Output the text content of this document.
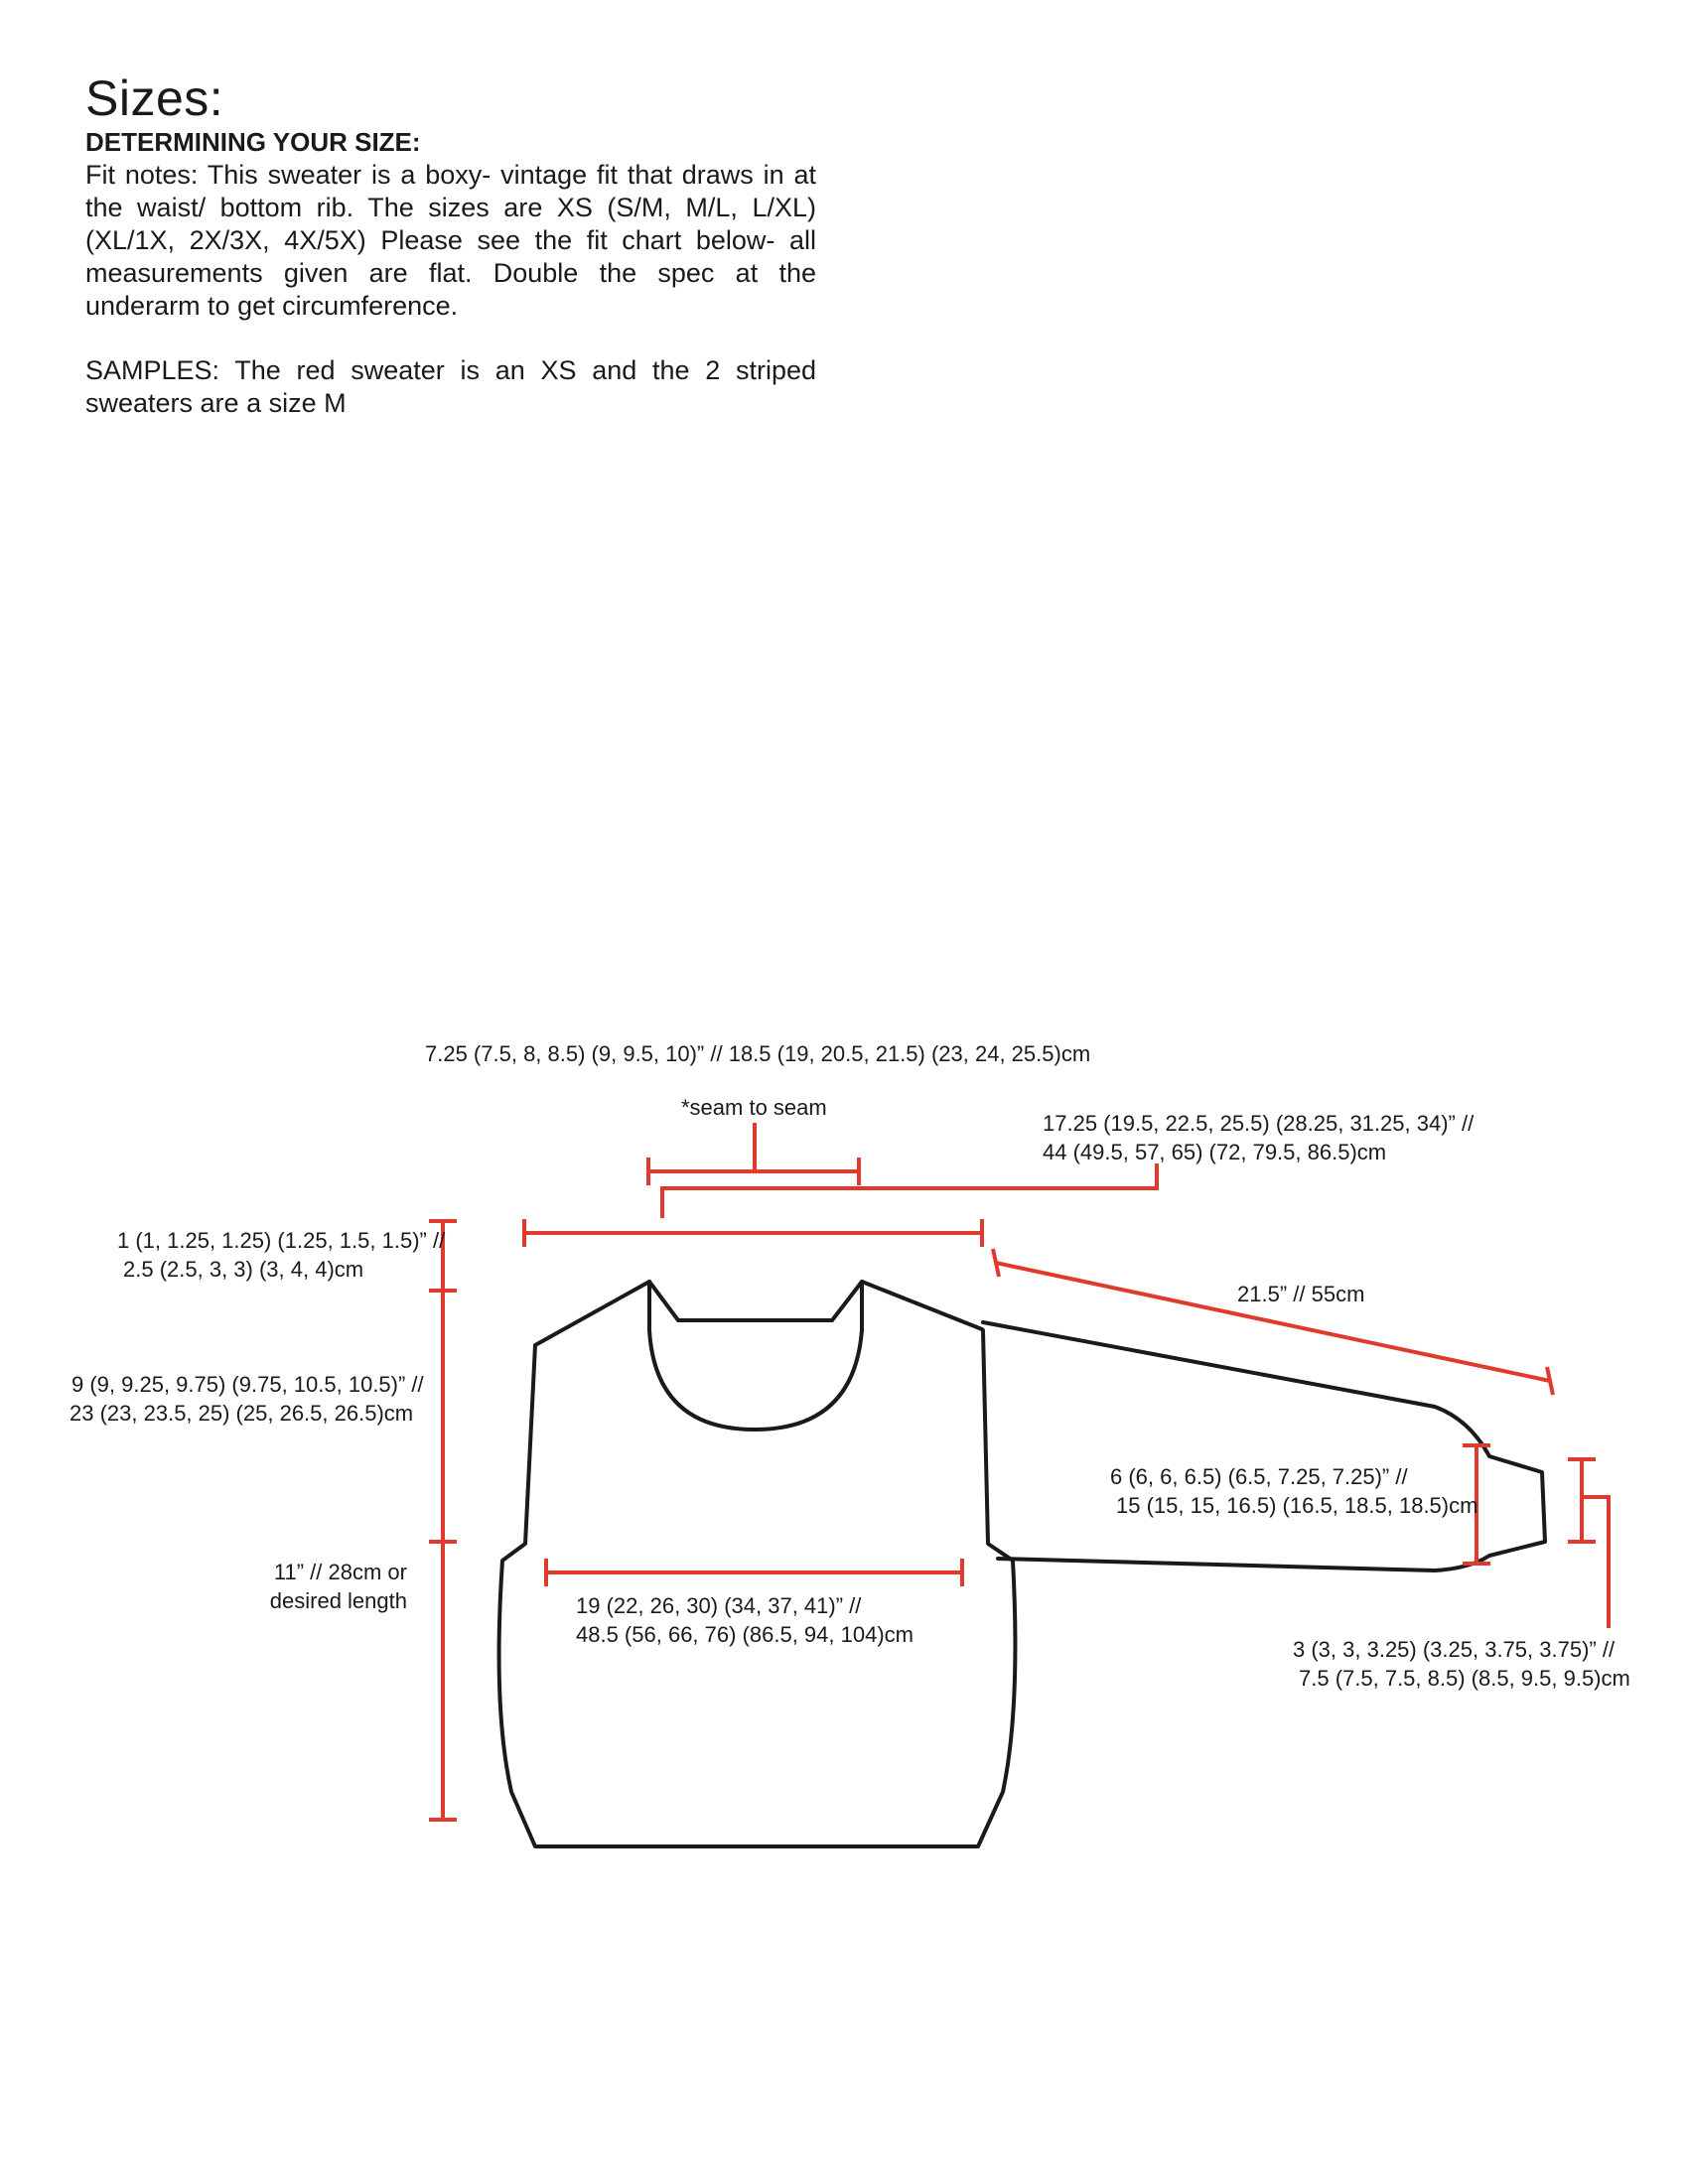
Sizes:
DETERMINING YOUR SIZE:

Fit notes: This sweater is a boxy- vintage fit that draws in at the waist/ bottom rib. The sizes are XS (S/M, M/L, L/XL) (XL/1X, 2X/3X, 4X/5X) Please see the fit chart below- all measurements given are flat. Double the spec at the underarm to get circumference.

SAMPLES: The red sweater is an XS and the 2 striped sweaters are a size M

7.25 (7.5, 8, 8.5) (9, 9.5, 10)” // 18.5 (19, 20.5, 21.5) (23, 24, 25.5)cm
*seam to seam
17.25 (19.5, 22.5, 25.5) (28.25, 31.25, 34)” //
44 (49.5, 57, 65) (72, 79.5, 86.5)cm
1 (1, 1.25, 1.25) (1.25, 1.5, 1.5)” //
2.5 (2.5, 3, 3) (3, 4, 4)cm
21.5” // 55cm
9 (9, 9.25, 9.75) (9.75, 10.5, 10.5)” //
23 (23, 23.5, 25) (25, 26.5, 26.5)cm
6 (6, 6, 6.5) (6.5, 7.25, 7.25)” //
15 (15, 15, 16.5) (16.5, 18.5, 18.5)cm
11” // 28cm or
desired length	19 (22, 26, 30) (34, 37, 41)” //
48.5 (56, 66, 76) (86.5, 94, 104)cm
3 (3, 3, 3.25) (3.25, 3.75, 3.75)” //
7.5 (7.5, 7.5, 8.5) (8.5, 9.5, 9.5)cm
